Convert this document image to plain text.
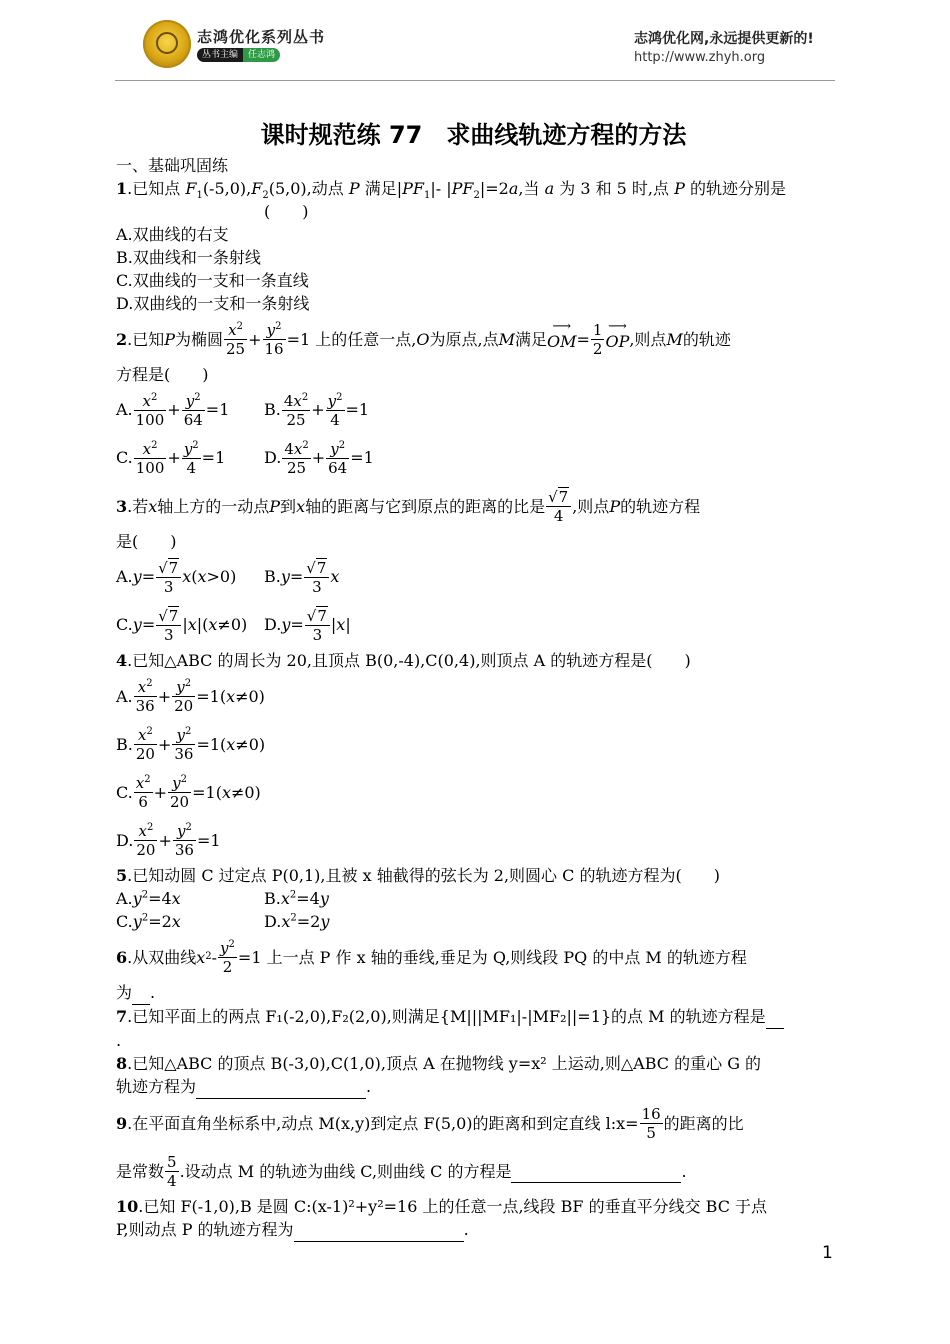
志鸿优化系列丛书
丛书主编	任志鸿
志鸿优化网,永远提供更新的!
http://www.zhyh.org
课时规范练 77　求曲线轨迹方程的方法
一、基础巩固练
1.已知点 $F_1(-5,0),F_2(5,0)$,动点 P 满足$|PF_1|-$ $|PF_2|=2a$,当 a 为 3 和 5 时,点 P 的轨迹分别是
(　　)
A.双曲线的右支
B.双曲线和一条射线
C.双曲线的一支和一条直线
D.双曲线的一支和一条射线
2 .已知 P 为椭圆 $\frac{x^2}{25} + \frac{y^2}{16} =1$ 上的任意一点, O 为原点,点 M 满足 ⟶ OM = $\frac{1}{2}$ ⟶ OP ,则点 M 的轨迹
方程是(　　)
A. $\frac{x^2}{100} + \frac{y^2}{64} =1$	B. $\frac{4x^2}{25} + \frac{y^2}{4} =1$
C. $\frac{x^2}{100} + \frac{y^2}{4} =1$	D. $\frac{4x^2}{25} + \frac{y^2}{64} =1$
3 .若 x 轴上方的一动点 P 到 x 轴的距离与它到原点的距离的比是 $\frac{√7}{4}$ ,则点 P 的轨迹方程
是(　　)
$A.y= \frac{√7}{3} x(x>0)$	$B.y= \frac{√7}{3}$ x
$C.y= \frac{√7}{3} |x|(x\ne 0)$	$D.y= \frac{√7}{3} |x|$
4.已知△ABC 的周长为 20,且顶点 B(0,-4),C(0,4),则顶点 A 的轨迹方程是(　　)
A. $\frac{x^2}{36} + \frac{y^2}{20} =1$( x ≠0)
B. $\frac{x^2}{20} + \frac{y^2}{36} =1$( x ≠0)
C. $\frac{x^2}{6} + \frac{y^2}{20} =1$( x ≠0)
D. $\frac{x^2}{20} + \frac{y^2}{36} =1$
5.已知动圆 C 过定点 P(0,1),且被 x 轴截得的弦长为 2,则圆心 C 的轨迹方程为(　　)
$A.y^2=4x$	$B.x^2=4y$
$C.y^2=2x$	$D.x^2=2y$
6 .从双曲线 x $2 - \frac{y^2}{2} =1$ 上一点 P 作 x 轴的垂线,垂足为 Q,则线段 PQ 的中点 M 的轨迹方程
为 .
7.已知平面上的两点 F₁(-2,0),F₂(2,0),则满足{M|||MF₁|-|MF₂||=1}的点 M 的轨迹方程是
.
8.已知△ABC 的顶点 B(-3,0),C(1,0),顶点 A 在抛物线 y=x² 上运动,则△ABC 的重心 G 的
轨迹方程为	.
9 .在平面直角坐标系中,动点 M(x,y)到定点 F(5,0)的距离和到定直线 l:x= $\frac{16}{5}$ 的距离的比
是常数 $\frac{5}{4}$ .设动点 M 的轨迹为曲线 C,则曲线 C 的方程是
	.
10.已知 F(-1,0),B 是圆 C:(x-1)²+y²=16 上的任意一点,线段 BF 的垂直平分线交 BC 于点
P,则动点 P 的轨迹方程为	.
1
